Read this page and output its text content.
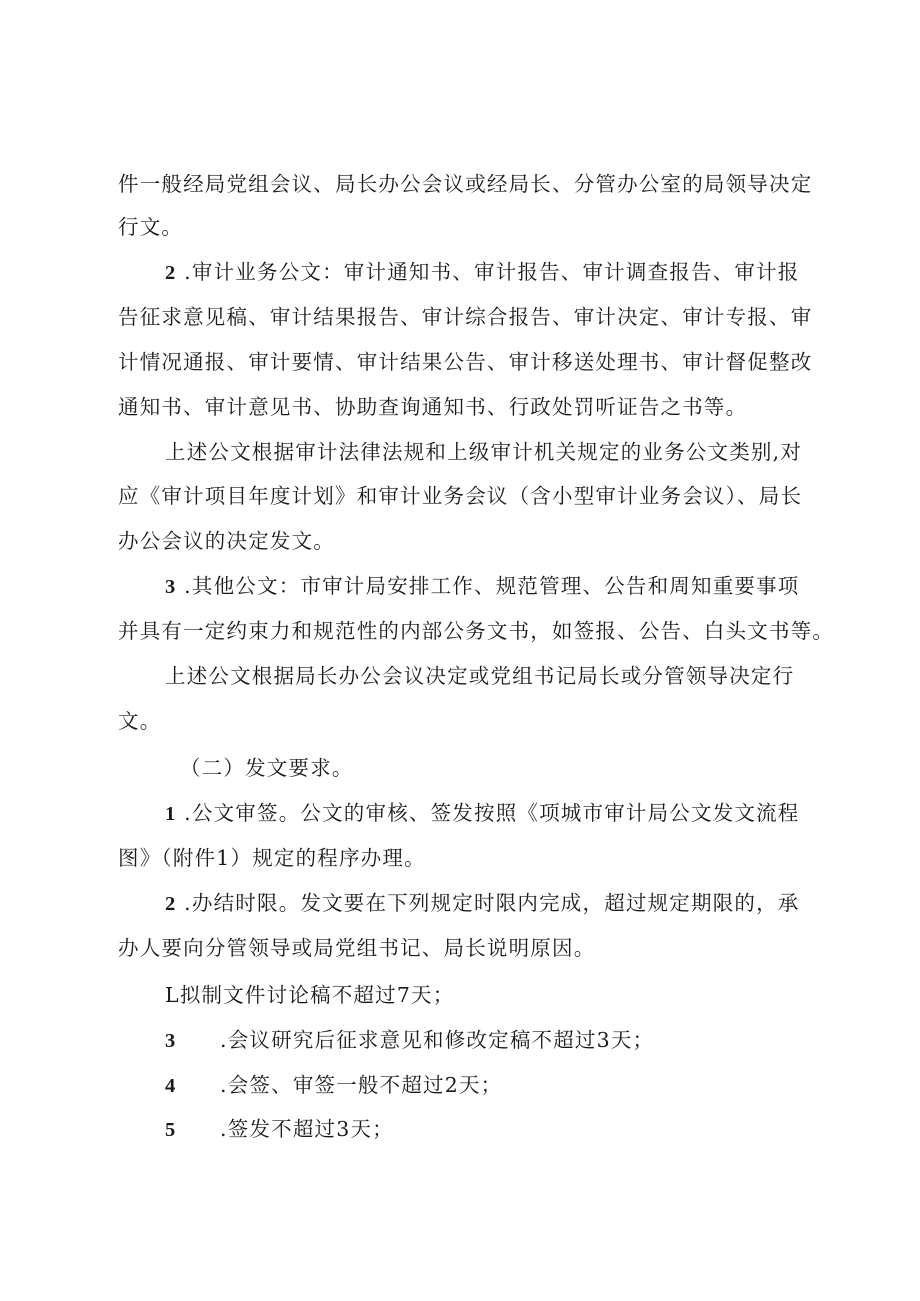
件一般经局党组会议、局长办公会议或经局长、分管办公室的局领导决定
行文。
2 .审计业务公文：审计通知书、审计报告、审计调查报告、审计报
告征求意见稿、审计结果报告、审计综合报告、审计决定、审计专报、审
计情况通报、审计要情、审计结果公告、审计移送处理书、审计督促整改
通知书、审计意见书、协助查询通知书、行政处罚听证告之书等。
上述公文根据审计法律法规和上级审计机关规定的业务公文类别,对
应《审计项目年度计划》和审计业务会议（含小型审计业务会议）、局长
办公会议的决定发文。
3 .其他公文：市审计局安排工作、规范管理、公告和周知重要事项
并具有一定约束力和规范性的内部公务文书，如签报、公告、白头文书等。
上述公文根据局长办公会议决定或党组书记局长或分管领导决定行
文。
（二）发文要求。
1 .公文审签。公文的审核、签发按照《项城市审计局公文发文流程
图》（附件1）规定的程序办理。
2 .办结时限。发文要在下列规定时限内完成，超过规定期限的，承
办人要向分管领导或局党组书记、局长说明原因。
L拟制文件讨论稿不超过7天；
3 .会议研究后征求意见和修改定稿不超过3天；
4 .会签、审签一般不超过2天；
5 .签发不超过3天；
